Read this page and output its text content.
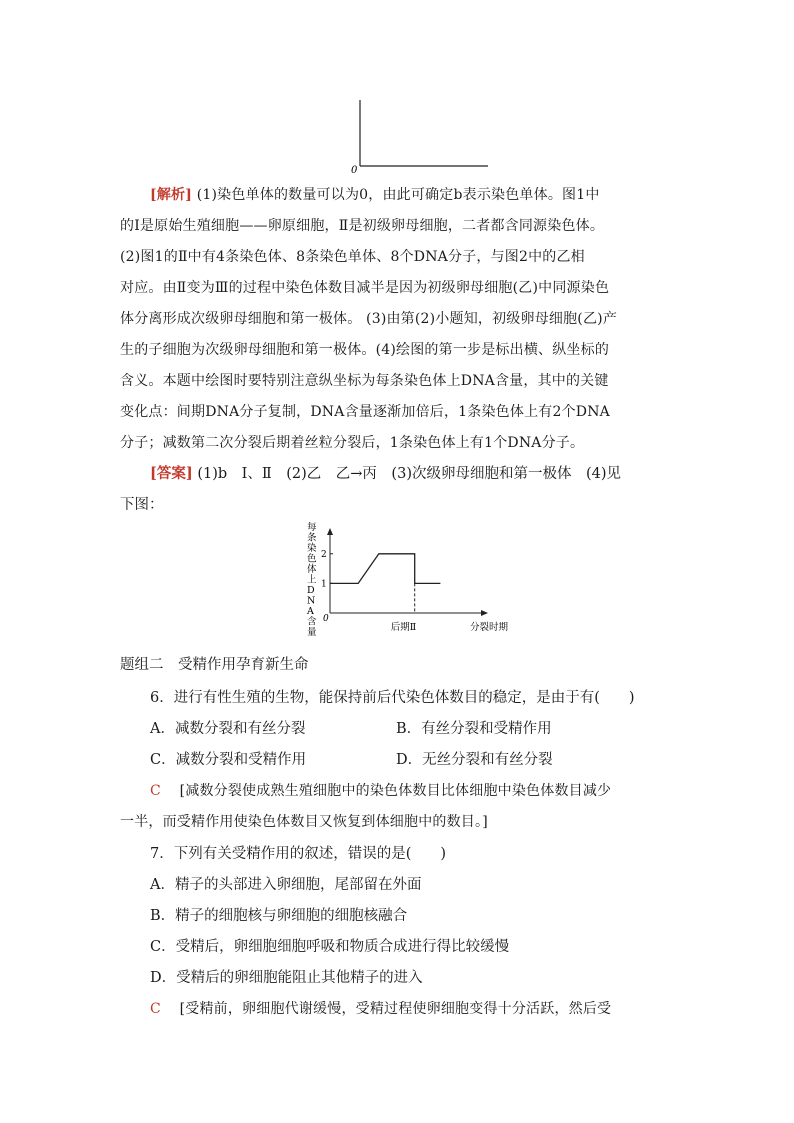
0
[解析] (1)染色单体的数量可以为0，由此可确定b表示染色单体。图1中
的Ⅰ是原始生殖细胞——卵原细胞，Ⅱ是初级卵母细胞，二者都含同源染色体。
(2)图1的Ⅱ中有4条染色体、8条染色单体、8个DNA分子，与图2中的乙相
对应。由Ⅱ变为Ⅲ的过程中染色体数目减半是因为初级卵母细胞(乙)中同源染色
体分离形成次级卵母细胞和第一极体。 (3)由第(2)小题知，初级卵母细胞(乙)产
生的子细胞为次级卵母细胞和第一极体。(4)绘图的第一步是标出横、纵坐标的
含义。本题中绘图时要特别注意纵坐标为每条染色体上DNA含量，其中的关键
变化点：间期DNA分子复制，DNA含量逐渐加倍后，1条染色体上有2个DNA
分子；减数第二次分裂后期着丝粒分裂后，1条染色体上有1个DNA分子。
[答案] (1)b　Ⅰ、Ⅱ　(2)乙　乙→丙　(3)次级卵母细胞和第一极体　(4)见
下图：
每条染色体上 D N A 含量
0
1
2
后期Ⅱ	分裂时期
题组二　受精作用孕育新生命
6．进行有性生殖的生物，能保持前后代染色体数目的稳定，是由于有(　　)
A．减数分裂和有丝分裂	B．有丝分裂和受精作用
C．减数分裂和受精作用	D．无丝分裂和有丝分裂
C [减数分裂使成熟生殖细胞中的染色体数目比体细胞中染色体数目减少
一半，而受精作用使染色体数目又恢复到体细胞中的数目。]
7．下列有关受精作用的叙述，错误的是(　　)
A．精子的头部进入卵细胞，尾部留在外面
B．精子的细胞核与卵细胞的细胞核融合
C．受精后，卵细胞细胞呼吸和物质合成进行得比较缓慢
D．受精后的卵细胞能阻止其他精子的进入
C [受精前，卵细胞代谢缓慢，受精过程使卵细胞变得十分活跃，然后受
